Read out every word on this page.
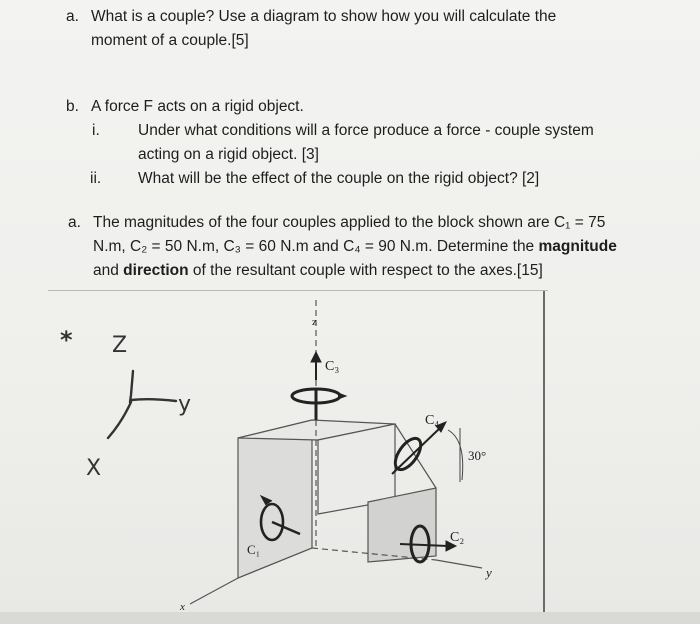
a. What is a couple? Use a diagram to show how you will calculate the
moment of a couple.[5]
b. A force F acts on a rigid object.
i. Under what conditions will a force produce a force - couple system
acting on a rigid object. [3]
ii. What will be the effect of the couple on the rigid object? [2]
a. The magnitudes of the four couples applied to the block shown are C₁ = 75
N.m, C₂ = 50 N.m, C₃ = 60 N.m and C₄ = 90 N.m. Determine the magnitude
and direction of the resultant couple with respect to the axes.[15]
* Z
y
X
z
C₃
C₄
30°
C₁
C₂
y
x
